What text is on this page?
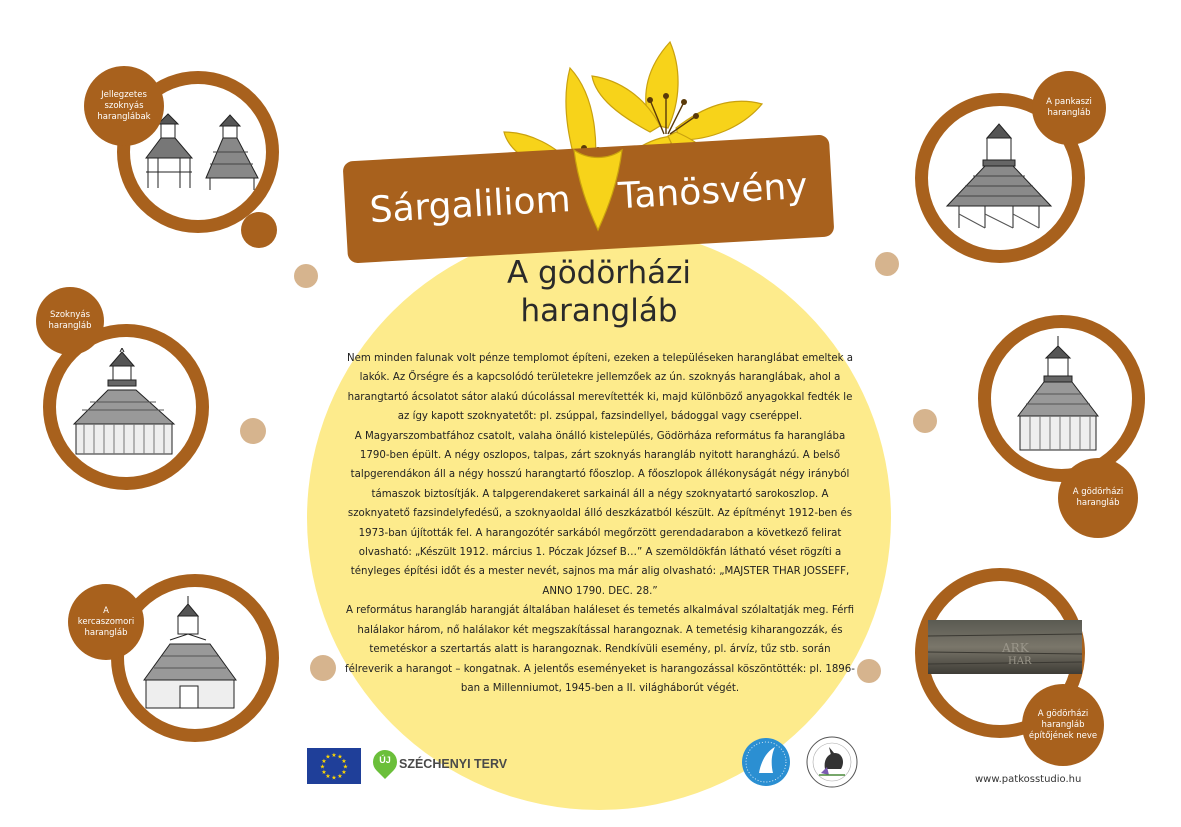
Jellegzetes szoknyás haranglábak
Szoknyás harangláb
A kercaszomori harangláb
A pankaszi harangláb
A gödörházi harangláb
ARK
HAR
A gödörházi harangláb építőjének neve
Sárgaliliom Tanösvény
A gödörházi
harangláb

Nem minden falunak volt pénze templomot építeni, ezeken a településeken haranglábat emeltek a lakók. Az Őrségre és a kapcsolódó területekre jellemzőek az ún. szoknyás haranglábak, ahol a harangtartó ácsolatot sátor alakú dúcolással merevítették ki, majd különböző anyagokkal fedték le az így kapott szoknyatetőt: pl. zsúppal, fazsindellyel, bádoggal vagy cseréppel.

A Magyarszombatfához csatolt, valaha önálló kistelepülés, Gödörháza református fa haranglába 1790-ben épült. A négy oszlopos, talpas, zárt szoknyás harangláb nyitott harangházú. A belső talpgerendákon áll a négy hosszú harangtartó főoszlop. A főoszlopok állékonyságát négy irányból támaszok biztosítják. A talpgerendakeret sarkainál áll a négy szoknyatartó sarokoszlop. A szoknyatető fazsindelyfedésű, a szoknyaoldal álló deszkázatból készült. Az építményt 1912-ben és 1973-ban újították fel. A harangozótér sarkából megőrzött gerendadarabon a következő felirat olvasható: „Készült 1912. március 1. Póczak József B…” A szemöldökfán látható véset rögzíti a tényleges építési időt és a mester nevét, sajnos ma már alig olvasható: „MAJSTER THAR JOSSEFF, ANNO 1790. DEC. 28.”

A református harangláb harangját általában haláleset és temetés alkalmával szólaltatják meg. Férfi halálakor három, nő halálakor két megszakítással harangoznak. A temetésig kiharangozzák, és temetéskor a szertartás alatt is harangoznak. Rendkívüli esemény, pl. árvíz, tűz stb. során félreverik a harangot – kongatnak. A jelentős eseményeket is harangozással köszöntötték: pl. 1896-ban a Millenniumot, 1945-ben a II. világháborút végét.

★ ★
★
★
★
★
★
★
★
★
★
★	ÚJ SZÉCHENYI TERV
www.patkosstudio.hu
